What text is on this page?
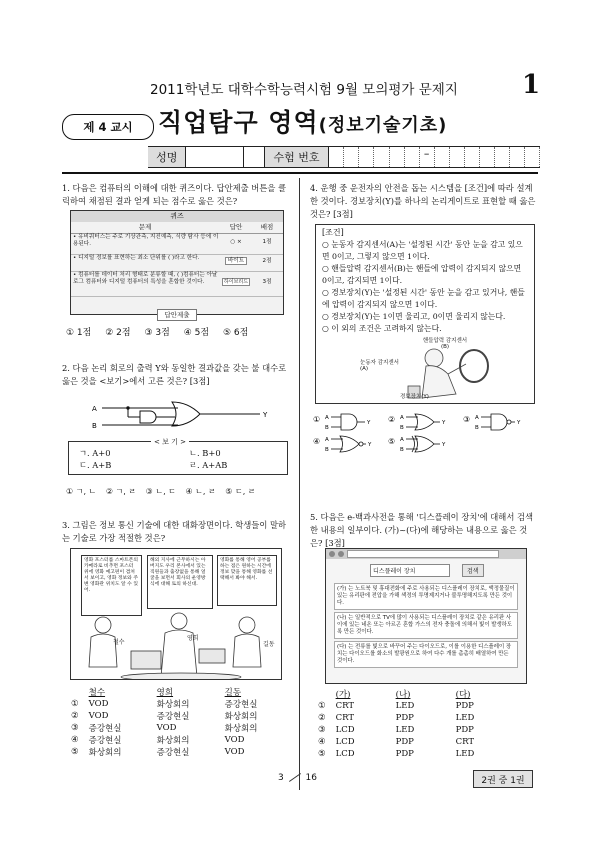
2011학년도 대학수학능력시험 9월 모의평가 문제지 1
제 4 교시	직업탐구 영역(정보기술기초)
성명	수험 번호	–
1. 다음은 컴퓨터의 이해에 대한 퀴즈이다. 답안제출 버튼을 클릭하여 채점된 결과 얻게 되는 점수로 옳은 것은?
퀴즈
문제	답안	배점
• 유비쿼터스는 주로 기상관측, 지진예측, 식량 탐사 등에 이용된다.	○ ×	1점
• 디지털 정보를 표현하는 최소 단위를 ( )라고 한다.	바이트	2점
• 컴퓨터를 데이터 처리 형태로 분류할 때, ( )컴퓨터는 아날로그 컴퓨터와 디지털 컴퓨터의 특성을 혼합한 것이다.	하이브리드	3점
답안제출
① 1점 ② 2점 ③ 3점 ④ 5점 ⑤ 6점
2. 다음 논리 회로의 출력 Y와 동일한 결과값을 갖는 불 대수로 옳은 것을 <보기>에서 고른 것은? [3점]
A
B
Y
< 보 기 >
ㄱ. A+0	ㄴ. B+0
ㄷ. A+B	ㄹ. A+AB
① ㄱ, ㄴ ② ㄱ, ㄹ ③ ㄴ, ㄷ ④ ㄴ, ㄹ ⑤ ㄷ, ㄹ
3. 그림은 정보 통신 기술에 대한 대화장면이다. 학생들이 말하는 기술로 가장 적절한 것은?
영화 포스터를 스마트폰의 카메라로 비추면 포스터 위에 영화 예고편이 겹쳐서 보이고, 영화 정보와 주변 영화관 위치도 알 수 있어.
해외 지사에 근무하시는 아버지도 우리 본사에서 있는 직원들과 출장없을 통해 얼굴을 보면서 회사의 운영방식에 대해 토의 하신대.
영화를 통해 영어 공부를 하는 점은 원하는 시간에 정보 맞을 통해 영화를 선택해서 봐야 해서.
철수
영희
길동
	철수	영희	길동
①	VOD	화상회의	증강현실
②	VOD	증강현실	화상회의
③	증강현실	VOD	화상회의
④	증강현실	화상회의	VOD
⑤	화상회의	증강현실	VOD
4. 운행 중 운전자의 안전을 돕는 시스템을 [조건]에 따라 설계한 것이다. 경보장치(Y)를 하나의 논리게이트로 표현할 때 옳은 것은? [3점]
[조건]
○ 눈동자 감지센서(A)는 '설정된 시간' 동안 눈을 감고 있으면 0이고, 그렇지 않으면 1이다.
○ 핸들압력 감지센서(B)는 핸들에 압력이 감지되지 않으면 0이고, 감지되면 1이다.
○ 경보장치(Y)는 '설정된 시간' 동안 눈을 감고 있거나, 핸들에 압력이 감지되지 않으면 1이다.
○ 경보장치(Y)는 1이면 울리고, 0이면 울리지 않는다.
○ 이 외의 조건은 고려하지 않는다.
핸들압력 감지센서(B)
눈동자 감지센서(A)
경보장치(Y)
① A
B
Y ② A
B
Y ③ A
B
Y
④ A
B
Y ⑤ A
B
Y
5. 다음은 e-백과사전을 통해 '디스플레이 장치'에 대해서 검색한 내용의 일부이다. (가)~(다)에 해당하는 내용으로 옳은 것은? [3점]
디스플레이 장치	검색
(가) 는 노트북 및 휴대전화에 주로 사용되는 디스플레이 장치로, 액정물질이 있는 유리판에 전압을 가해 색정의 투명제지거나 불투명해지도록 만든 것이다.
(나) 는 일반적으로 TV에 많이 사용되는 디스플레이 장치로 같은 유리판 사이에 있는 네온 또는 아르곤 혼합 가스의 전자 충돌에 의해서 빛이 발생하도록 만든 것이다.
(다) 는 전류를 빛으로 바꾸어 주는 다이오드로, 이를 이용한 디스플레이 장치는 다이오드를 화소의 발광원으로 하여 다수 개를 촘촘히 배열하여 만든 것이다.
	(가)	(나)	(다)
①	CRT	LED	PDP
②	CRT	PDP	LED
③	LCD	LED	PDP
④	LCD	PDP	CRT
⑤	LCD	PDP	LED
3 16	2권 중 1권
